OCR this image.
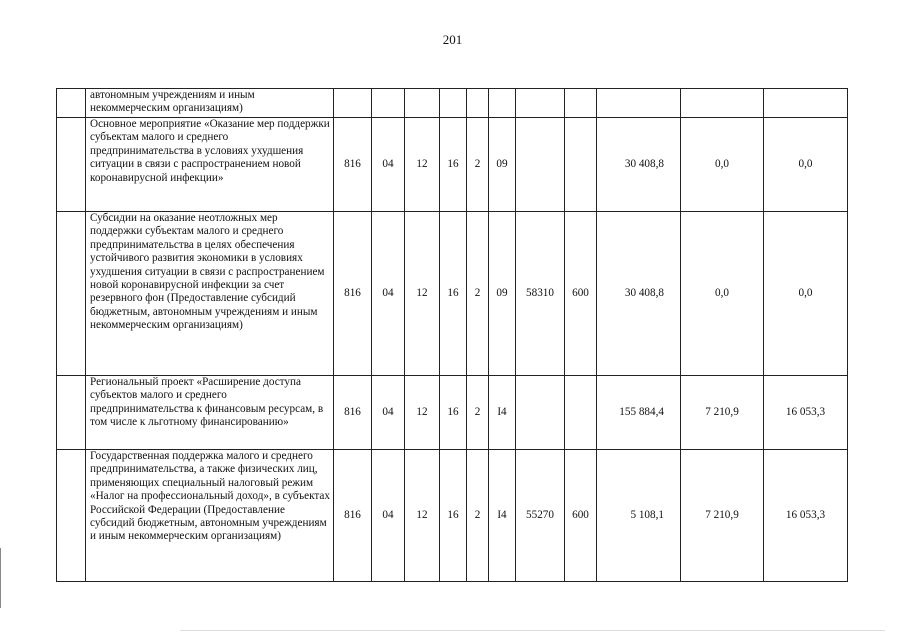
201
	автономным учреждениям и иным некоммерческим организациям)											
	Основное мероприятие «Оказание мер поддержки субъектам малого и среднего предпринимательства в условиях ухудшения ситуации в связи с распространением новой коронавирусной инфекции»	816	04	12	16	2	09			30 408,8	0,0	0,0
	Субсидии на оказание неотложных мер поддержки субъектам малого и среднего предпринимательства в целях обеспечения устойчивого развития экономики в условиях ухудшения ситуации в связи с распространением новой коронавирусной инфекции за счет резервного фон (Предоставление субсидий бюджетным, автономным учреждениям и иным некоммерческим организациям)	816	04	12	16	2	09	58310	600	30 408,8	0,0	0,0
	Региональный проект «Расширение доступа субъектов малого и среднего предпринимательства к финансовым ресурсам, в том числе к льготному финансированию»	816	04	12	16	2	I4			155 884,4	7 210,9	16 053,3
	Государственная поддержка малого и среднего предпринимательства, а также физических лиц, применяющих специальный налоговый режим «Налог на профессиональный доход», в субъектах Российской Федерации (Предоставление субсидий бюджетным, автономным учреждениям и иным некоммерческим организациям)	816	04	12	16	2	I4	55270	600	5 108,1	7 210,9	16 053,3
